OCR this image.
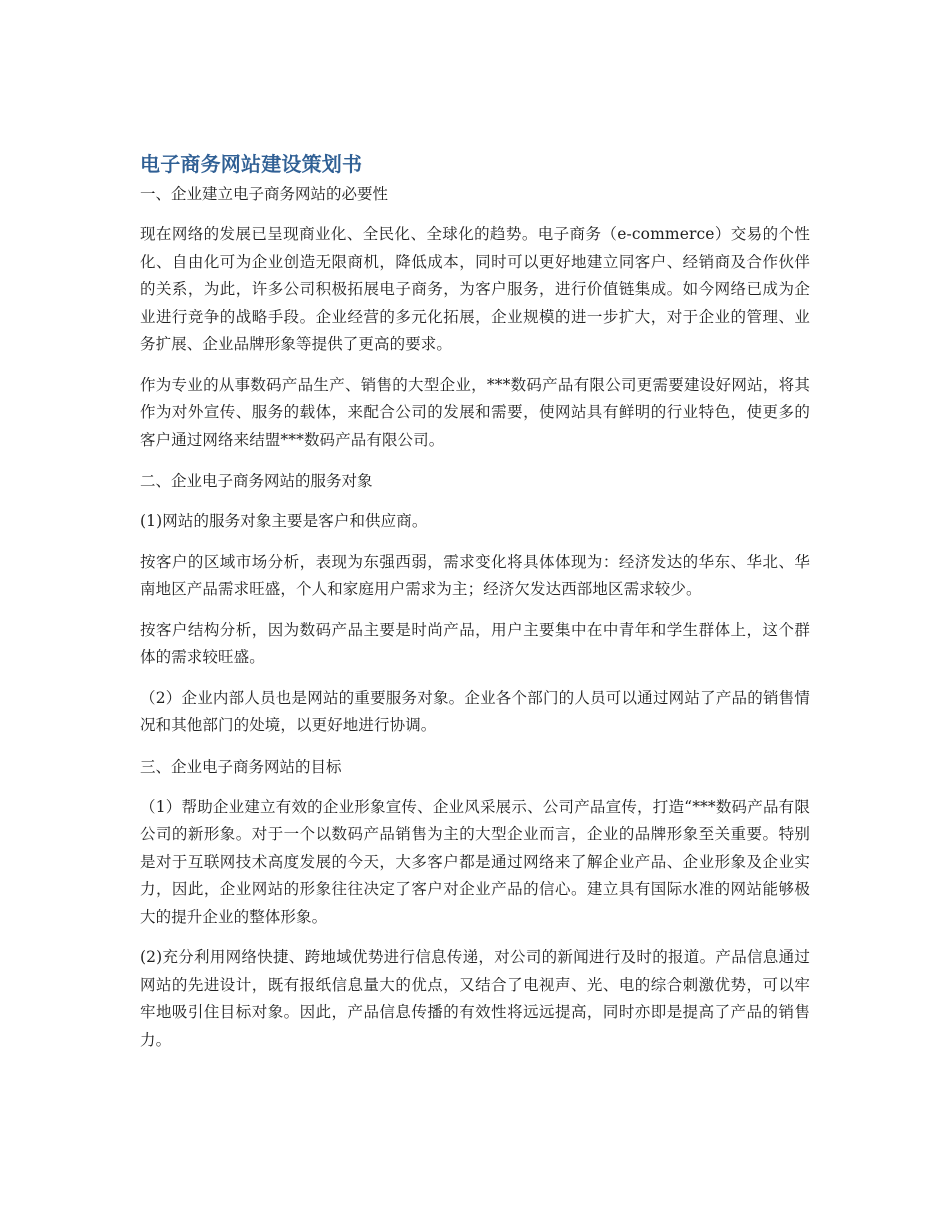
电子商务网站建设策划书
一、企业建立电子商务网站的必要性

现在网络的发展已呈现商业化、全民化、全球化的趋势。电子商务（e-commerce）交易的个性化、自由化可为企业创造无限商机，降低成本，同时可以更好地建立同客户、经销商及合作伙伴的关系，为此，许多公司积极拓展电子商务，为客户服务，进行价值链集成。如今网络已成为企业进行竞争的战略手段。企业经营的多元化拓展，企业规模的进一步扩大，对于企业的管理、业务扩展、企业品牌形象等提供了更高的要求。

作为专业的从事数码产品生产、销售的大型企业，***数码产品有限公司更需要建设好网站，将其作为对外宣传、服务的载体，来配合公司的发展和需要，使网站具有鲜明的行业特色，使更多的客户通过网络来结盟***数码产品有限公司。

二、企业电子商务网站的服务对象

(1)网站的服务对象主要是客户和供应商。

按客户的区域市场分析，表现为东强西弱，需求变化将具体体现为：经济发达的华东、华北、华南地区产品需求旺盛，个人和家庭用户需求为主；经济欠发达西部地区需求较少。

按客户结构分析，因为数码产品主要是时尚产品，用户主要集中在中青年和学生群体上，这个群体的需求较旺盛。

（2）企业内部人员也是网站的重要服务对象。企业各个部门的人员可以通过网站了产品的销售情况和其他部门的处境，以更好地进行协调。

三、企业电子商务网站的目标

（1）帮助企业建立有效的企业形象宣传、企业风采展示、公司产品宣传，打造“***数码产品有限公司的新形象。对于一个以数码产品销售为主的大型企业而言，企业的品牌形象至关重要。特别是对于互联网技术高度发展的今天，大多客户都是通过网络来了解企业产品、企业形象及企业实力，因此，企业网站的形象往往决定了客户对企业产品的信心。建立具有国际水准的网站能够极大的提升企业的整体形象。

(2)充分利用网络快捷、跨地域优势进行信息传递，对公司的新闻进行及时的报道。产品信息通过网站的先进设计，既有报纸信息量大的优点，又结合了电视声、光、电的综合刺激优势，可以牢牢地吸引住目标对象。因此，产品信息传播的有效性将远远提高，同时亦即是提高了产品的销售力。
